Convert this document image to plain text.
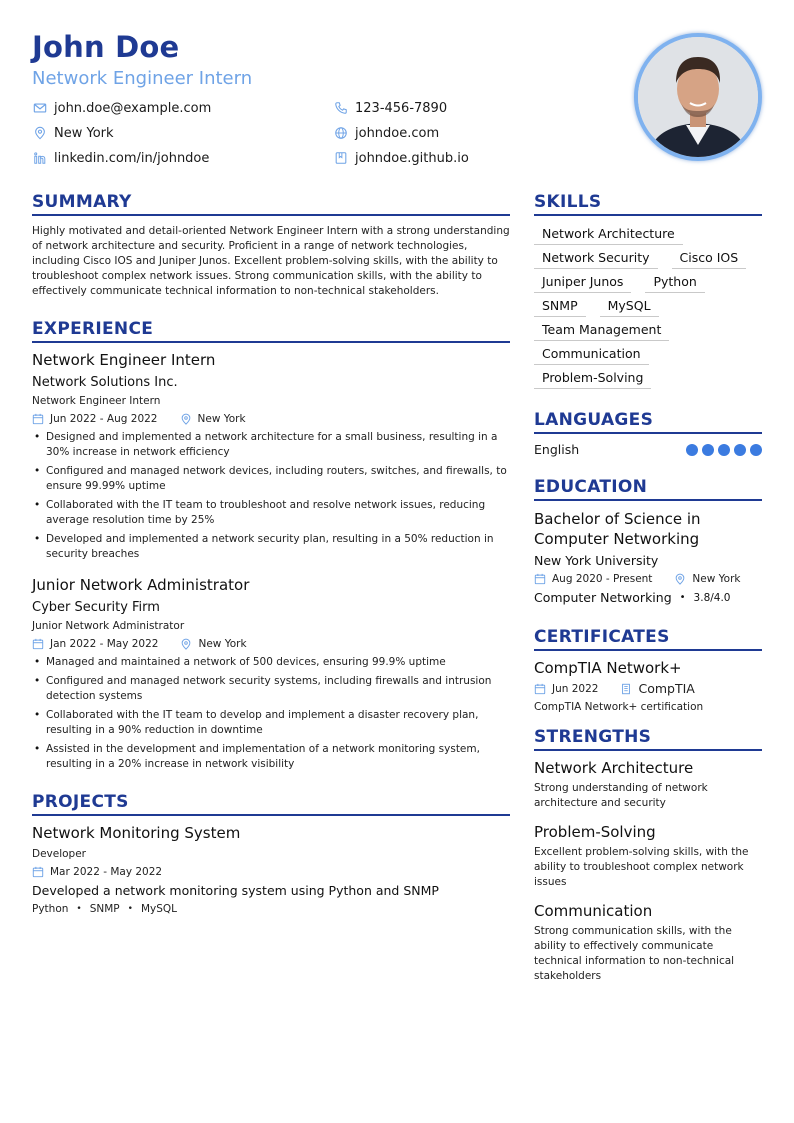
John Doe
Network Engineer Intern
john.doe@example.com	123-456-7890
New York	johndoe.com
linkedin.com/in/johndoe	johndoe.github.io
SUMMARY
Highly motivated and detail-oriented Network Engineer Intern with a strong understanding of network architecture and security. Proficient in a range of network technologies, including Cisco IOS and Juniper Junos. Excellent problem-solving skills, with the ability to troubleshoot complex network issues. Strong communication skills, with the ability to effectively communicate technical information to non-technical stakeholders.
EXPERIENCE
Network Engineer Intern
Network Solutions Inc.
Network Engineer Intern
Jun 2022 - Aug 2022	New York
• Designed and implemented a network architecture for a small business, resulting in a 30% increase in network efficiency
• Configured and managed network devices, including routers, switches, and firewalls, to ensure 99.99% uptime
• Collaborated with the IT team to troubleshoot and resolve network issues, reducing average resolution time by 25%
• Developed and implemented a network security plan, resulting in a 50% reduction in security breaches
Junior Network Administrator
Cyber Security Firm
Junior Network Administrator
Jan 2022 - May 2022	New York
• Managed and maintained a network of 500 devices, ensuring 99.9% uptime
• Configured and managed network security systems, including firewalls and intrusion detection systems
• Collaborated with the IT team to develop and implement a disaster recovery plan, resulting in a 90% reduction in downtime
• Assisted in the development and implementation of a network monitoring system, resulting in a 20% increase in network visibility
PROJECTS
Network Monitoring System
Developer
Mar 2022 - May 2022
Developed a network monitoring system using Python and SNMP
Python • SNMP • MySQL
SKILLS
Network Architecture
Network Security	Cisco IOS
Juniper Junos	Python
SNMP	MySQL
Team Management
Communication
Problem-Solving
LANGUAGES
English
EDUCATION
Bachelor of Science in Computer Networking
New York University
Aug 2020 - Present	New York
Computer Networking • 3.8/4.0
CERTIFICATES
CompTIA Network+
Jun 2022	CompTIA
CompTIA Network+ certification
STRENGTHS
Network Architecture
Strong understanding of network architecture and security
Problem-Solving
Excellent problem-solving skills, with the ability to troubleshoot complex network issues
Communication
Strong communication skills, with the ability to effectively communicate technical information to non-technical stakeholders
